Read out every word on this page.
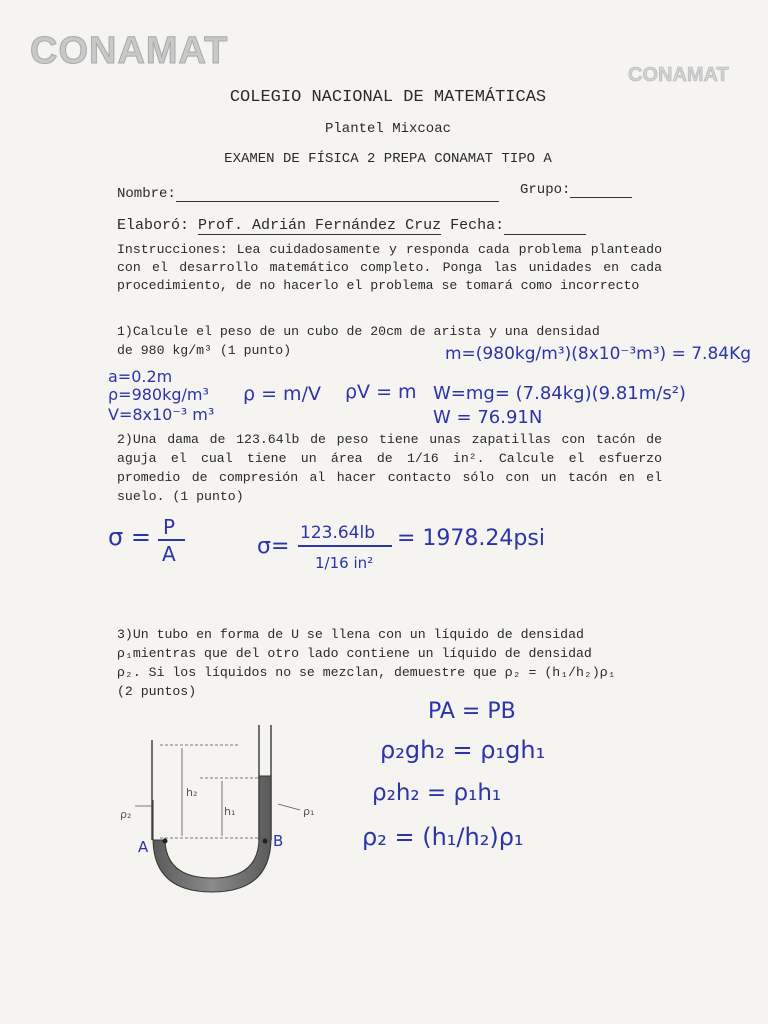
CONAMAT
CONAMAT
COLEGIO NACIONAL DE MATEMÁTICAS
Plantel Mixcoac
EXAMEN DE FÍSICA 2 PREPA CONAMAT TIPO A
Nombre:	Grupo:
Elaboró: Prof. Adrián Fernández Cruz Fecha:
Instrucciones: Lea cuidadosamente y responda cada problema planteado con el desarrollo matemático completo. Ponga las unidades en cada procedimiento, de no hacerlo el problema se tomará como incorrecto
1)Calcule el peso de un cubo de 20cm de arista y una densidad
de 980 kg/m³ (1 punto)
2)Una dama de 123.64lb de peso tiene unas zapatillas con tacón de aguja el cual tiene un área de 1/16 in². Calcule el esfuerzo promedio de compresión al hacer contacto sólo con un tacón en el suelo. (1 punto)
3)Un tubo en forma de U se llena con un líquido de densidad
ρ₁mientras que del otro lado contiene un líquido de densidad
ρ₂. Si los líquidos no se mezclan, demuestre que ρ₂ = (h₁/h₂)ρ₁
(2 puntos)
h₂
h₁
ρ₂	ρ₁
A	B
m=(980kg/m³)(8x10⁻³m³) = 7.84Kg
a=0.2m
ρ=980kg/m³
V=8x10⁻³ m³
ρ = m/V ρV = m W=mg= (7.84kg)(9.81m/s²)
W = 76.91N
σ = P
A	σ=
123.64lb
1/16 in²
= 1978.24psi
PA = PB
ρ₂gh₂ = ρ₁gh₁
ρ₂h₂ = ρ₁h₁
ρ₂ = (h₁/h₂)ρ₁
